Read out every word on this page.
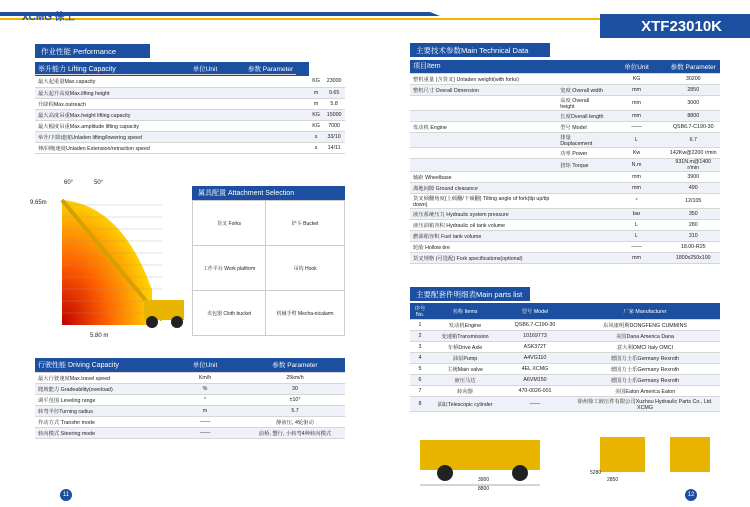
XCMG 徐工
XTF23010K
作业性能 Performance
举升能力 Lifting Capacity	单位Unit	参数 Parameter
最大起重量Max.capacity	KG	23000
最大起升高度Max.lifting height	m	9.65
升降程Max.outreach	m	5.8
最大高度吊重Max.height lifting capacity	KG	15000
最大幅度吊重Max.amplitude lifting capacity	KG	7000
举升/下降速度Unladen lifting/lowering speed	s	33/10
伸/回缩速度Unladen Extension/retraction speed	s	14/11
60°	50°
9.65m
5.80 m
属具配置 Attachment Selection
货叉 Forks	铲斗 Bucket
工作平台 Work platform	吊钩 Hook
夹包器 Cloth bucket	机械手臂 Mecha-nicalarm
行驶性能 Driving Capacity	单位Unit	参数 Parameter
最大行驶速度Max.travel speed	Km/h	25km/h
爬坡能力 Gradeability(overload)	%	30
调平范围 Leveling range	°	±10°
转弯半径Turning radius	m	5.7
作动方式 Transfer mode	——	静液压, 4轮驱动
转向模式 Steering mode	——	前桥, 蟹行, 小转弯4种转向模式
主要技术参数Main Technical Data
项目Item		单位Unit	参数 Parameter
整机重量 (含货叉) Unladen weight(with forks)		KG	30200
整机尺寸 Overall Dimension	宽度 Overall width	mm	2850
	高度 Overall height	mm	3000
	长度Overall length	mm	8800
发动机 Engine	型号 Model	——	QSB6.7-C190-30
	排量 Displacement	L	6.7
	功率 Power	Kw	142Kw@2200 r/min
	扭矩 Torque	N.m	931N.m@1400 r/min
轴距 Wheelbase		mm	3900
离地间隙 Ground clearance		mm	490
货叉倾翻角度(上倾翻/下倾翻) Tilting angle of fork(tip up/tip down)		°	12/105
液压系统压力 Hydraulic system pressure		bar	350
液压油箱容积 Hydraulic oil tank volume		L	280
燃油箱容积 Fuel tank volume		L	310
轮胎 Hollow tire		——	18.00-R25
货叉规格 (可选配) Fork specifications(optional)		mm	1800x250x100
主要配套件明细表Main parts list
序号 No.	名称 Items	型号 Model	厂家 Manufacturer
1	发动机Engine	QSB6.7-C190-30	东风康明斯DONGFENG CUMMINS
2	变速箱Transmission	10169773	美国Dana America Dana
3	车桥Drive Axle	ASK372T	意大利OMCI Italy OMCI
4	油泵Pump	A4VG110	德国力士乐Germany Rexroth
5	主阀Main valve	4EL XCMG	德国力士乐Germany Rexroth
6	液压马达	A6VM150	德国力士乐Germany Rexroth
7	转向器	470-0026-001	美国Eaton America Eaton
8	油缸Telescopic cylinder	——	徐州徐工液压件有限公司Xuzhou Hydraulic Parts Co., Ltd. XCMG
3900
8800
2850
5280
11	12
